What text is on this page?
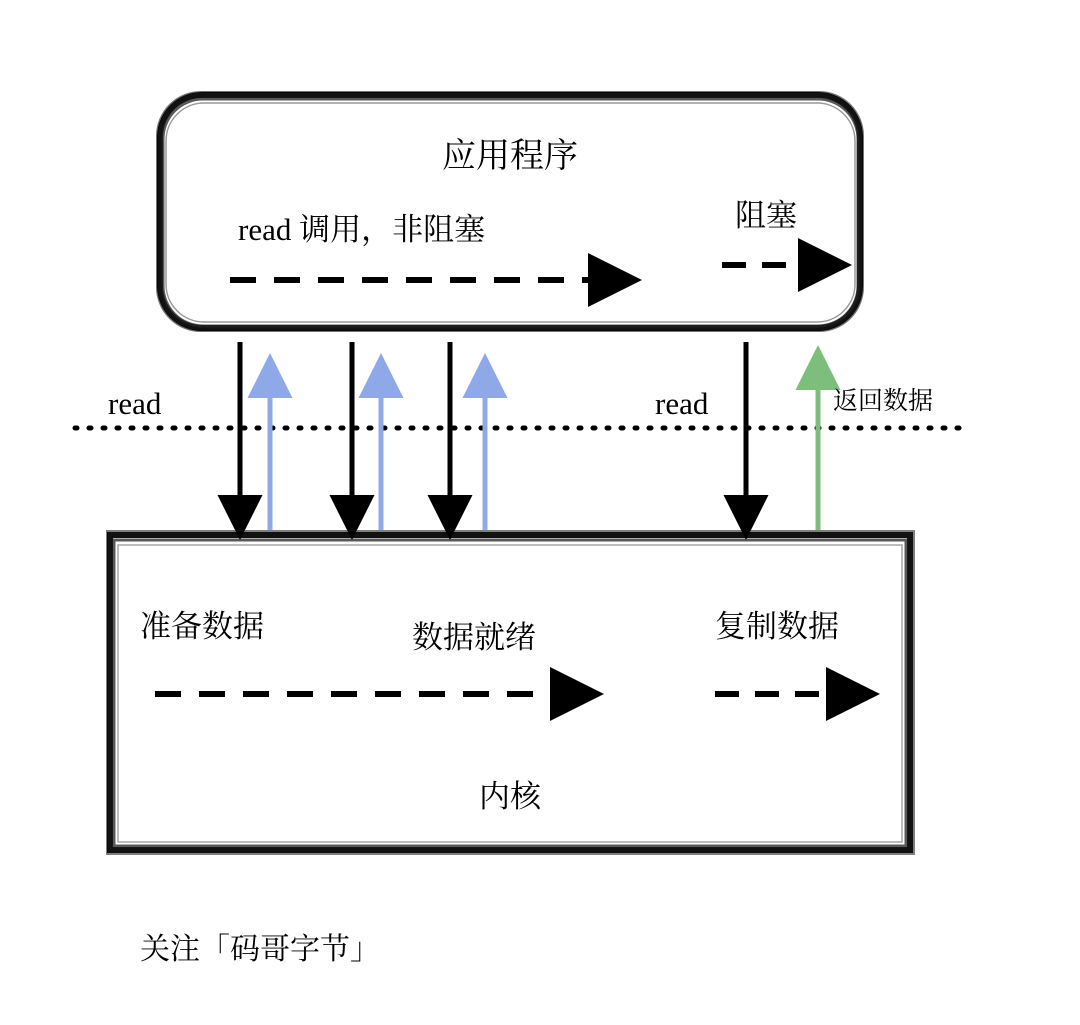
应用程序
read 调用，非阻塞	阻塞
read	read	返回数据
准备数据	数据就绪	复制数据
内核
关注「码哥字节」
